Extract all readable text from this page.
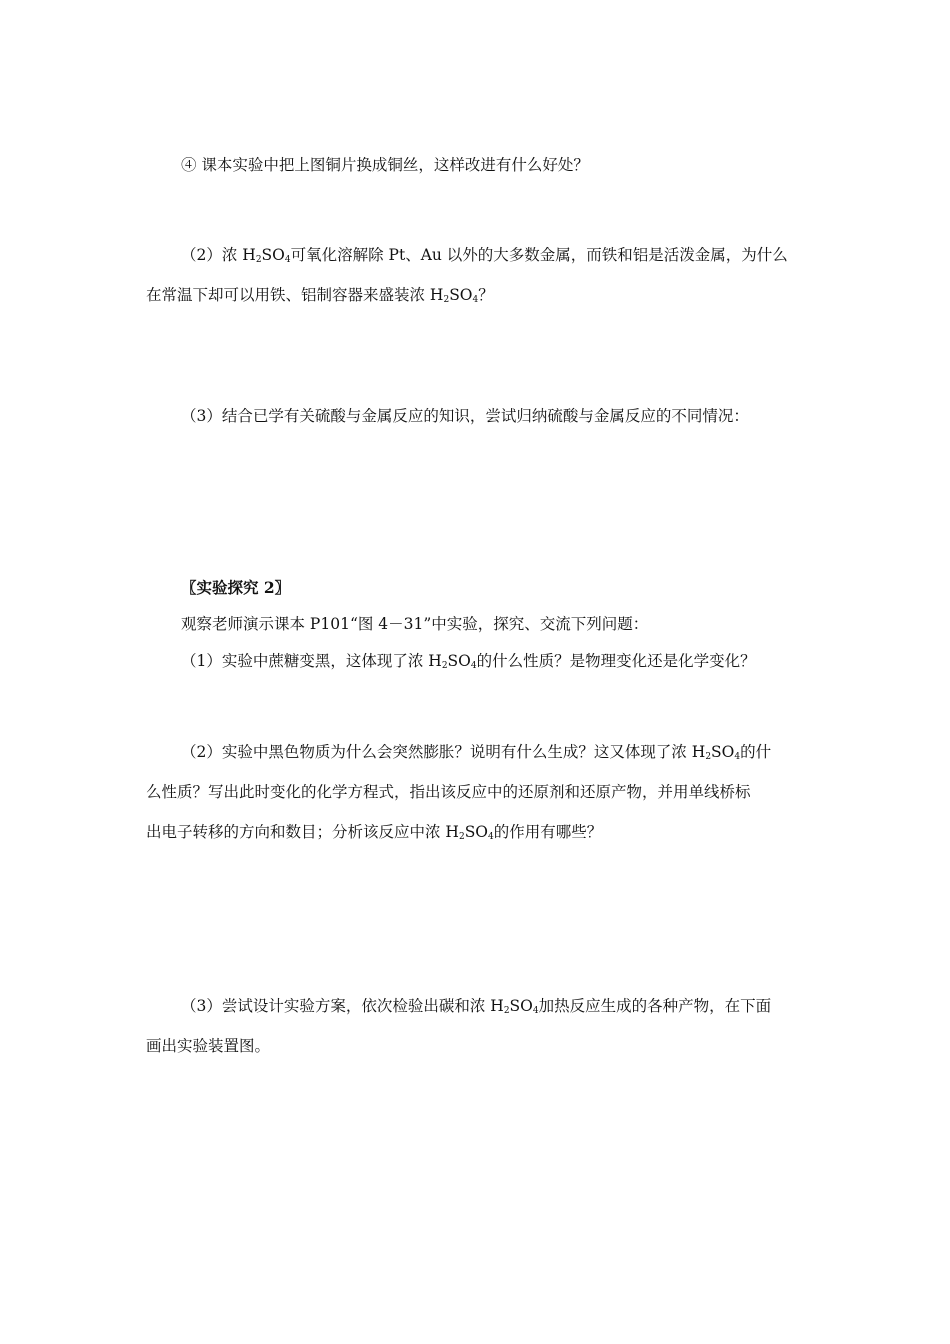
④ 课本实验中把上图铜片换成铜丝，这样改进有什么好处？
（2）浓 $H_2SO_4$可氧化溶解除 Pt、Au 以外的大多数金属，而铁和铝是活泼金属，为什么
在常温下却可以用铁、铝制容器来盛装浓 $H_2SO_4$？
（3）结合已学有关硫酸与金属反应的知识，尝试归纳硫酸与金属反应的不同情况：
〖实验探究 2〗
观察老师演示课本 P101“图 4－31”中实验，探究、交流下列问题：
（1）实验中蔗糖变黑，这体现了浓 $H_2SO_4$的什么性质？是物理变化还是化学变化？
（2）实验中黑色物质为什么会突然膨胀？说明有什么生成？这又体现了浓 $H_2SO_4$的什
么性质？写出此时变化的化学方程式，指出该反应中的还原剂和还原产物，并用单线桥标
出电子转移的方向和数目；分析该反应中浓 $H_2SO_4$的作用有哪些？
（3）尝试设计实验方案，依次检验出碳和浓 $H_2SO_4$加热反应生成的各种产物，在下面
画出实验装置图。
